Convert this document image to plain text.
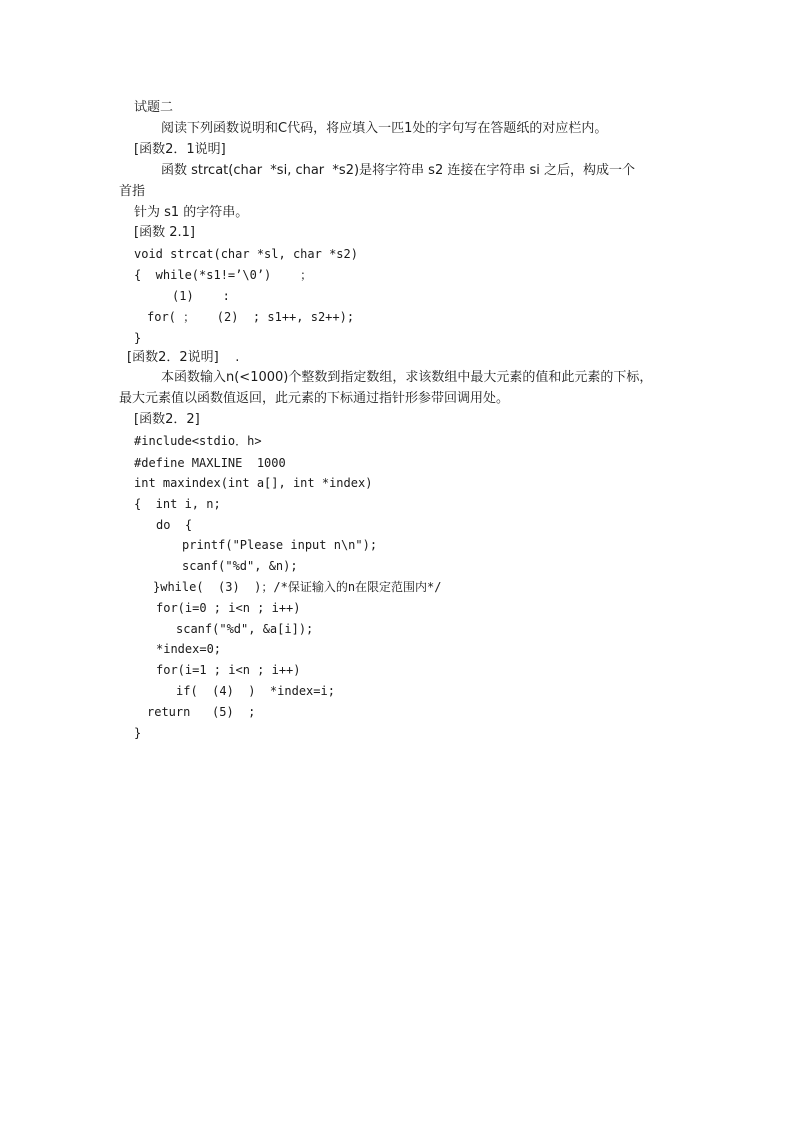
试题二
阅读下列函数说明和C代码，将应填入一匹1处的字句写在答题纸的对应栏内。
[函数2．1说明]
函数 strcat(char  *si, char  *s2)是将字符串 s2 连接在字符串 si 之后，构成一个
首指
针为 s1 的字符串。
[函数 2.1]
void strcat(char *sl, char *s2)
{  while(*s1!=’\0’)    ；
(1)    :
for( ；   (2)  ; s1++, s2++);
}
[函数2．2说明]    .
本函数输入n(<1000)个整数到指定数组，求该数组中最大元素的值和此元素的下标，
最大元素值以函数值返回，此元素的下标通过指针形参带回调用处。
[函数2．2]
#include<stdio．h>
#define MAXLINE  1000
int maxindex(int a[], int *index)
{  int i, n;
do  {
printf("Please input n\n");
scanf("%d", &n);
}while(  (3)  )；/*保证输入的n在限定范围内*/
for(i=0 ; i<n ; i++)
scanf("%d", &a[i]);
*index=0;
for(i=1 ; i<n ; i++)
if(  (4)  )  *index=i;
return   (5)  ;
}
